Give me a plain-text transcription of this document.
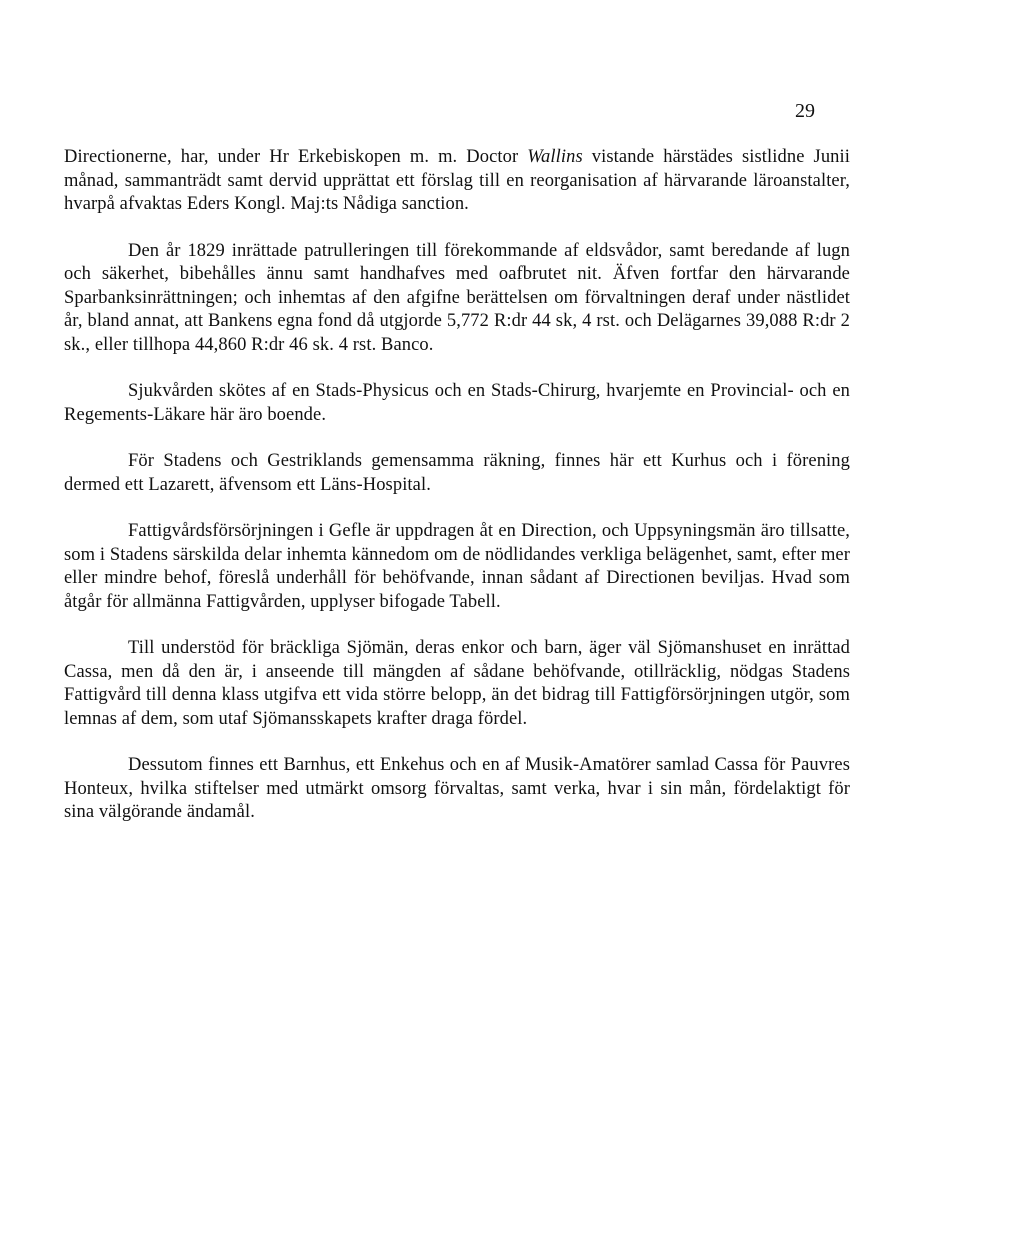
29

Directionerne, har, under Hr Erkebiskopen m. m. Doctor Wallins vistande härstädes sistlidne Junii månad, sammanträdt samt dervid upprättat ett förslag till en reorganisation af härvarande läroanstalter, hvarpå afvaktas Eders Kongl. Maj:ts Nådiga sanction.

Den år 1829 inrättade patrulleringen till förekommande af eldsvådor, samt beredande af lugn och säkerhet, bibehålles ännu samt handhafves med oafbrutet nit. Äfven fortfar den härvarande Sparbanksinrättningen; och inhemtas af den afgifne berättelsen om förvaltningen deraf under nästlidet år, bland annat, att Bankens egna fond då utgjorde 5,772 R:dr 44 sk, 4 rst. och Delägarnes 39,088 R:dr 2 sk., eller tillhopa 44,860 R:dr 46 sk. 4 rst. Banco.

Sjukvården skötes af en Stads-Physicus och en Stads-Chirurg, hvarjemte en Provincial- och en Regements-Läkare här äro boende.

För Stadens och Gestriklands gemensamma räkning, finnes här ett Kurhus och i förening dermed ett Lazarett, äfvensom ett Läns-Hospital.

Fattigvårdsförsörjningen i Gefle är uppdragen åt en Direction, och Uppsyningsmän äro tillsatte, som i Stadens särskilda delar inhemta kännedom om de nödlidandes verkliga belägenhet, samt, efter mer eller mindre behof, föreslå underhåll för behöfvande, innan sådant af Directionen beviljas. Hvad som åtgår för allmänna Fattigvården, upplyser bifogade Tabell.

Till understöd för bräckliga Sjömän, deras enkor och barn, äger väl Sjömanshuset en inrättad Cassa, men då den är, i anseende till mängden af sådane behöfvande, otillräcklig, nödgas Stadens Fattigvård till denna klass utgifva ett vida större belopp, än det bidrag till Fattigförsörjningen utgör, som lemnas af dem, som utaf Sjömansskapets krafter draga fördel.

Dessutom finnes ett Barnhus, ett Enkehus och en af Musik-Amatörer samlad Cassa för Pauvres Honteux, hvilka stiftelser med utmärkt omsorg förvaltas, samt verka, hvar i sin mån, fördelaktigt för sina välgörande ändamål.
